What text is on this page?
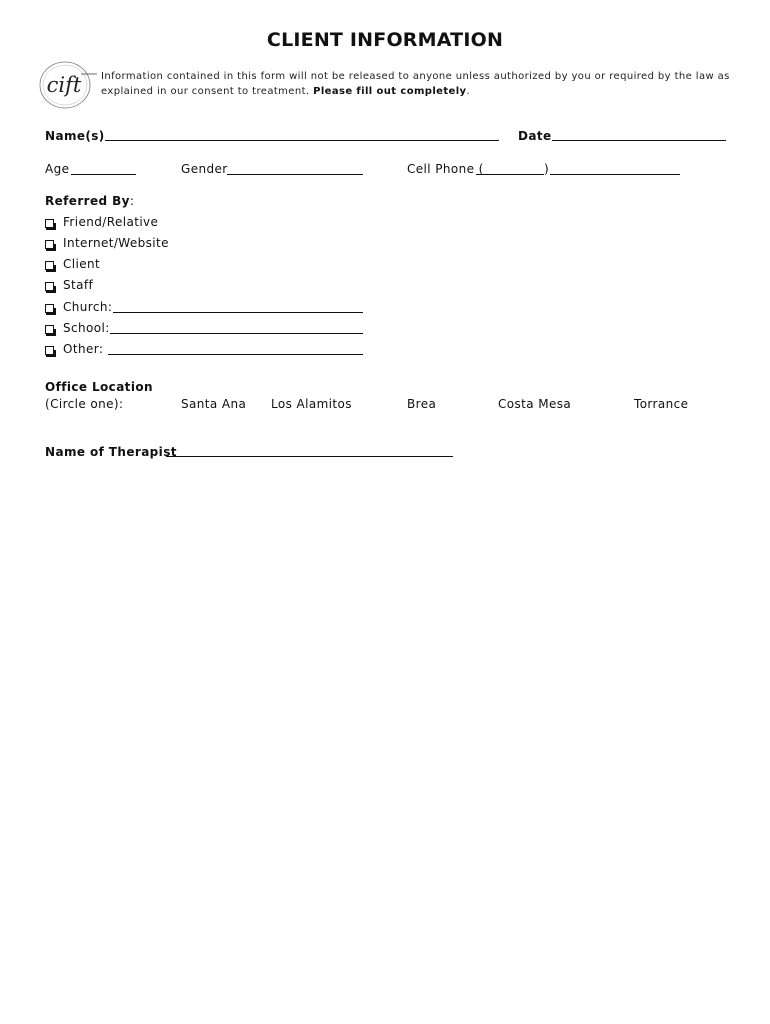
CLIENT INFORMATION
cift Information contained in this form will not be released to anyone unless authorized by you or required by the law as
explained in our consent to treatment. Please fill out completely.
Name(s)	Date
Age	Gender	Cell Phone (	)
Referred By:
Friend/Relative
Internet/Website
Client
Staff
Church:
School:
Other:
Office Location
(Circle one):	Santa Ana Los Alamitos	Brea	Costa Mesa	Torrance
Name of Therapist
